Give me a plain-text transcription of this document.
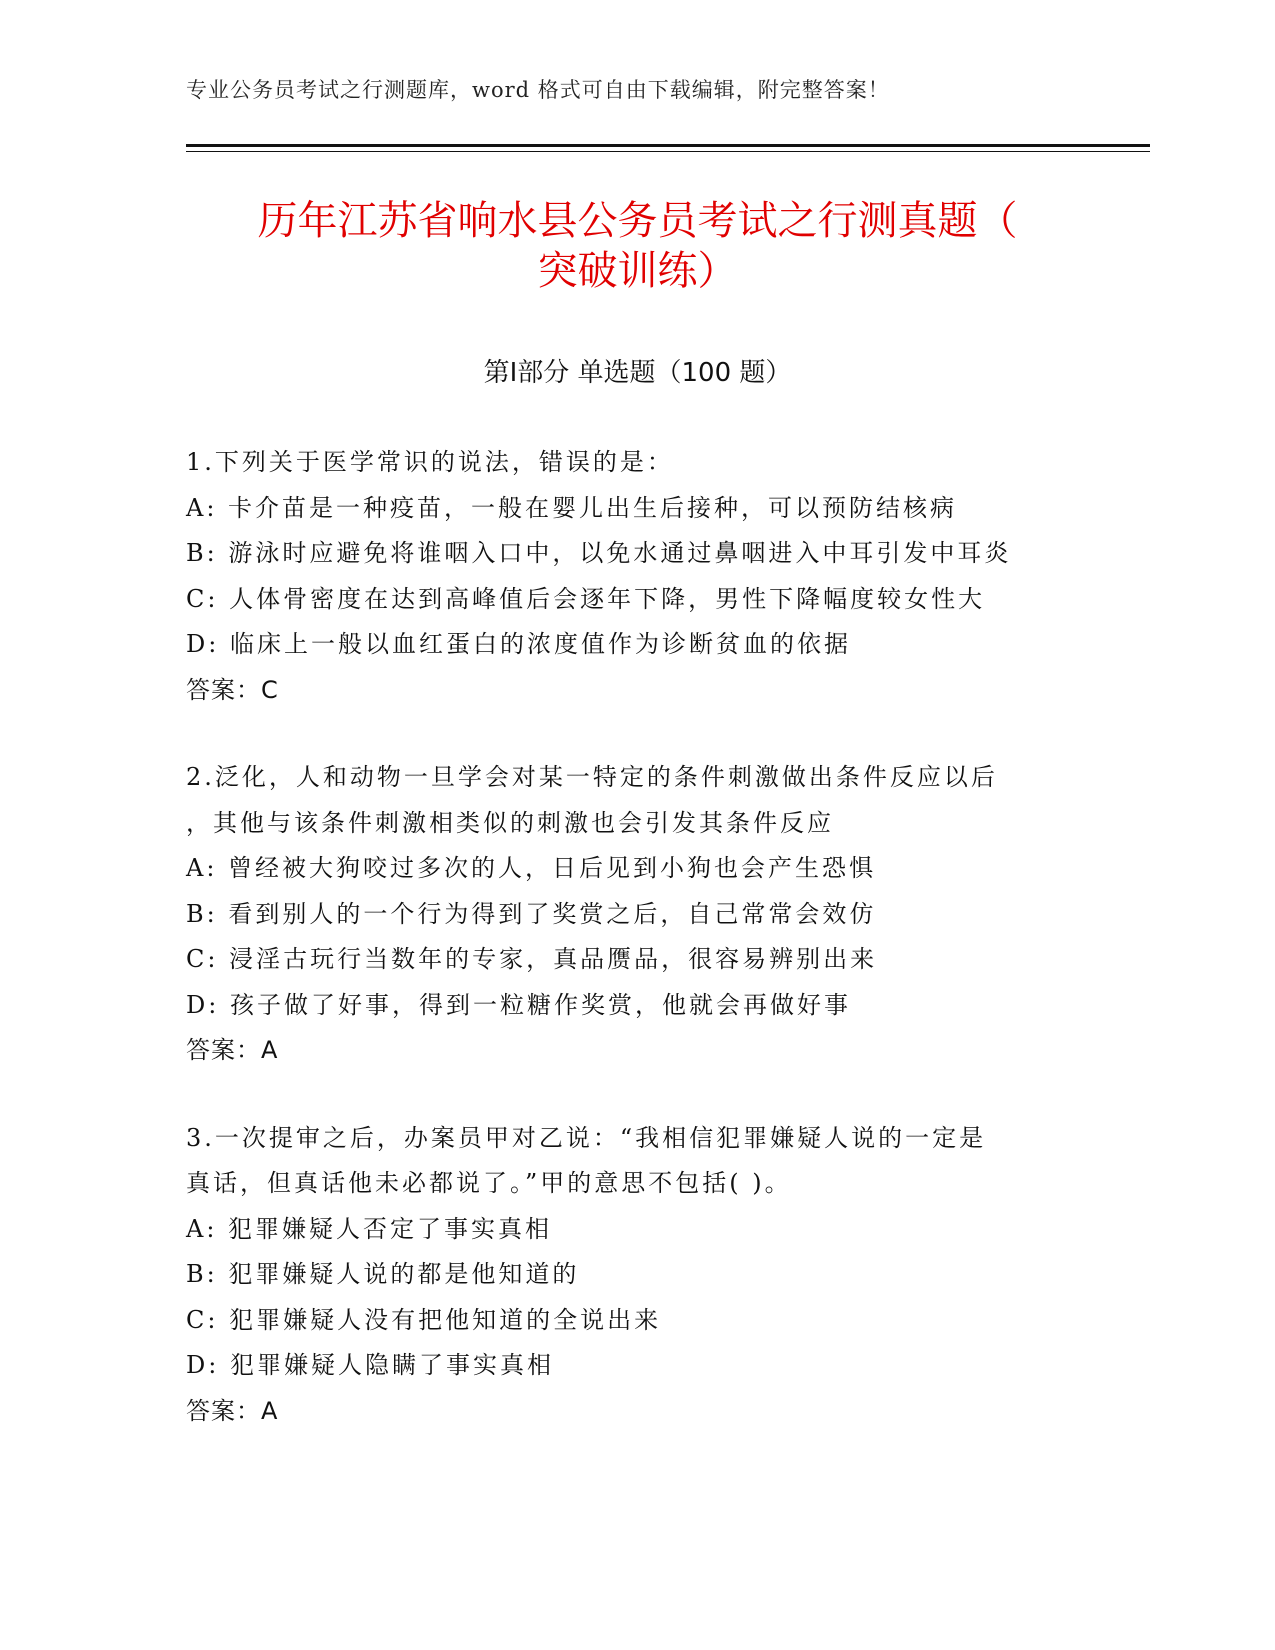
专业公务员考试之行测题库，word 格式可自由下载编辑，附完整答案！
历年江苏省响水县公务员考试之行测真题（
突破训练）
第Ⅰ部分 单选题（100 题）
1.下列关于医学常识的说法，错误的是：
A: 卡介苗是一种疫苗，一般在婴儿出生后接种，可以预防结核病
B: 游泳时应避免将谁咽入口中，以免水通过鼻咽进入中耳引发中耳炎
C: 人体骨密度在达到高峰值后会逐年下降，男性下降幅度较女性大
D: 临床上一般以血红蛋白的浓度值作为诊断贫血的依据
答案：C
2.泛化，人和动物一旦学会对某一特定的条件刺激做出条件反应以后
，其他与该条件刺激相类似的刺激也会引发其条件反应
A: 曾经被大狗咬过多次的人，日后见到小狗也会产生恐惧
B: 看到别人的一个行为得到了奖赏之后，自己常常会效仿
C: 浸淫古玩行当数年的专家，真品赝品，很容易辨别出来
D: 孩子做了好事，得到一粒糖作奖赏，他就会再做好事
答案：A
3.一次提审之后，办案员甲对乙说：“我相信犯罪嫌疑人说的一定是
真话，但真话他未必都说了。”甲的意思不包括( )。
A: 犯罪嫌疑人否定了事实真相
B: 犯罪嫌疑人说的都是他知道的
C: 犯罪嫌疑人没有把他知道的全说出来
D: 犯罪嫌疑人隐瞒了事实真相
答案：A
